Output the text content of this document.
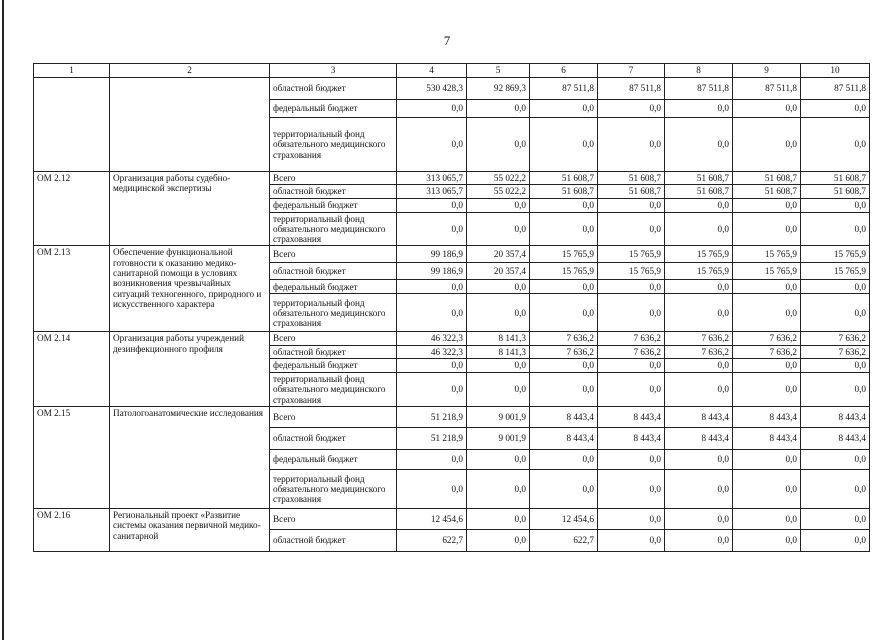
7
1	2	3	4	5	6	7	8	9	10
		областной бюджет	530 428,3	92 869,3	87 511,8	87 511,8	87 511,8	87 511,8	87 511,8
		федеральный бюджет	0,0	0,0	0,0	0,0	0,0	0,0	0,0
		территориальный фонд обязательного медицинского страхования	0,0	0,0	0,0	0,0	0,0	0,0	0,0
ОМ 2.12	Организация работы судебно-медицинской экспертизы	Всего	313 065,7	55 022,2	51 608,7	51 608,7	51 608,7	51 608,7	51 608,7
		областной бюджет	313 065,7	55 022,2	51 608,7	51 608,7	51 608,7	51 608,7	51 608,7
		федеральный бюджет	0,0	0,0	0,0	0,0	0,0	0,0	0,0
		территориальный фонд обязательного медицинского страхования	0,0	0,0	0,0	0,0	0,0	0,0	0,0
ОМ 2.13	Обеспечение функциональной готовности к оказанию медико-санитарной помощи в условиях возникновения чрезвычайных ситуаций техногенного, природного и искусственного характера	Всего	99 186,9	20 357,4	15 765,9	15 765,9	15 765,9	15 765,9	15 765,9
		областной бюджет	99 186,9	20 357,4	15 765,9	15 765,9	15 765,9	15 765,9	15 765,9
		федеральный бюджет	0,0	0,0	0,0	0,0	0,0	0,0	0,0
		территориальный фонд обязательного медицинского страхования	0,0	0,0	0,0	0,0	0,0	0,0	0,0
ОМ 2.14	Организация работы учреждений дезинфекционного профиля	Всего	46 322,3	8 141,3	7 636,2	7 636,2	7 636,2	7 636,2	7 636,2
		областной бюджет	46 322,3	8 141,3	7 636,2	7 636,2	7 636,2	7 636,2	7 636,2
		федеральный бюджет	0,0	0,0	0,0	0,0	0,0	0,0	0,0
		территориальный фонд обязательного медицинского страхования	0,0	0,0	0,0	0,0	0,0	0,0	0,0
ОМ 2.15	Патологоанатомические исследования	Всего	51 218,9	9 001,9	8 443,4	8 443,4	8 443,4	8 443,4	8 443,4
		областной бюджет	51 218,9	9 001,9	8 443,4	8 443,4	8 443,4	8 443,4	8 443,4
		федеральный бюджет	0,0	0,0	0,0	0,0	0,0	0,0	0,0
		территориальный фонд обязательного медицинского страхования	0,0	0,0	0,0	0,0	0,0	0,0	0,0
ОМ 2.16	Региональный проект «Развитие системы оказания первичной медико-санитарной	Всего	12 454,6	0,0	12 454,6	0,0	0,0	0,0	0,0
		областной бюджет	622,7	0,0	622,7	0,0	0,0	0,0	0,0
